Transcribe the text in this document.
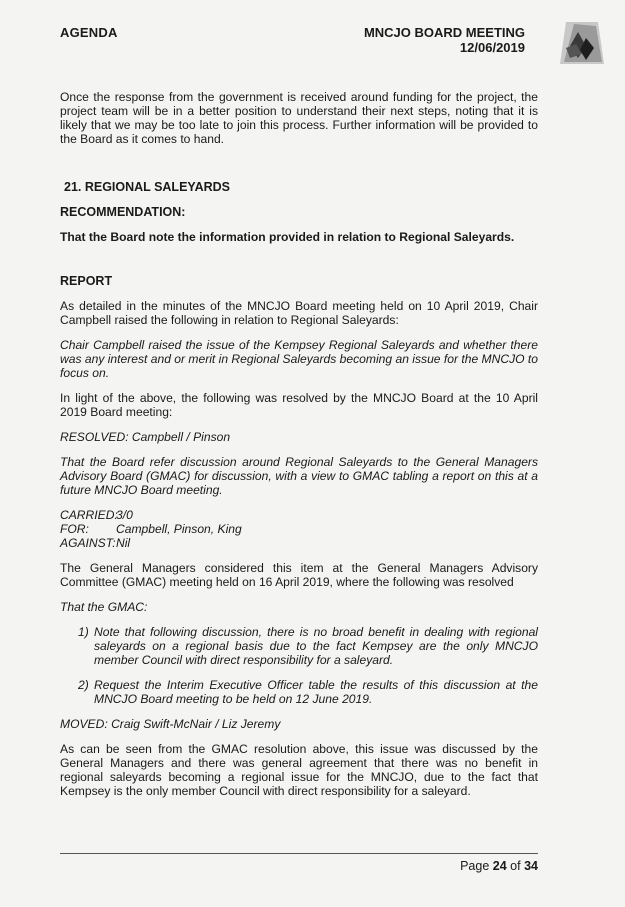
AGENDA	MNCJO BOARD MEETING
12/06/2019

Once the response from the government is received around funding for the project, the project team will be in a better position to understand their next steps, noting that it is likely that we may be too late to join this process. Further information will be provided to the Board as it comes to hand.

21. REGIONAL SALEYARDS
RECOMMENDATION:

That the Board note the information provided in relation to Regional Saleyards.

REPORT

As detailed in the minutes of the MNCJO Board meeting held on 10 April 2019, Chair Campbell raised the following in relation to Regional Saleyards:

Chair Campbell raised the issue of the Kempsey Regional Saleyards and whether there was any interest and or merit in Regional Saleyards becoming an issue for the MNCJO to focus on.

In light of the above, the following was resolved by the MNCJO Board at the 10 April 2019 Board meeting:

RESOLVED: Campbell / Pinson

That the Board refer discussion around Regional Saleyards to the General Managers Advisory Board (GMAC) for discussion, with a view to GMAC tabling a report on this at a future MNCJO Board meeting.

CARRIED:
3/0
FOR:	Campbell, Pinson, King
AGAINST: Nil

The General Managers considered this item at the General Managers Advisory Committee (GMAC) meeting held on 16 April 2019, where the following was resolved

That the GMAC:

1) Note that following discussion, there is no broad benefit in dealing with regional saleyards on a regional basis due to the fact Kempsey are the only MNCJO member Council with direct responsibility for a saleyard.
2) Request the Interim Executive Officer table the results of this discussion at the MNCJO Board meeting to be held on 12 June 2019.

MOVED: Craig Swift-McNair / Liz Jeremy

As can be seen from the GMAC resolution above, this issue was discussed by the General Managers and there was general agreement that there was no benefit in regional saleyards becoming a regional issue for the MNCJO, due to the fact that Kempsey is the only member Council with direct responsibility for a saleyard.

Page 24 of 34
